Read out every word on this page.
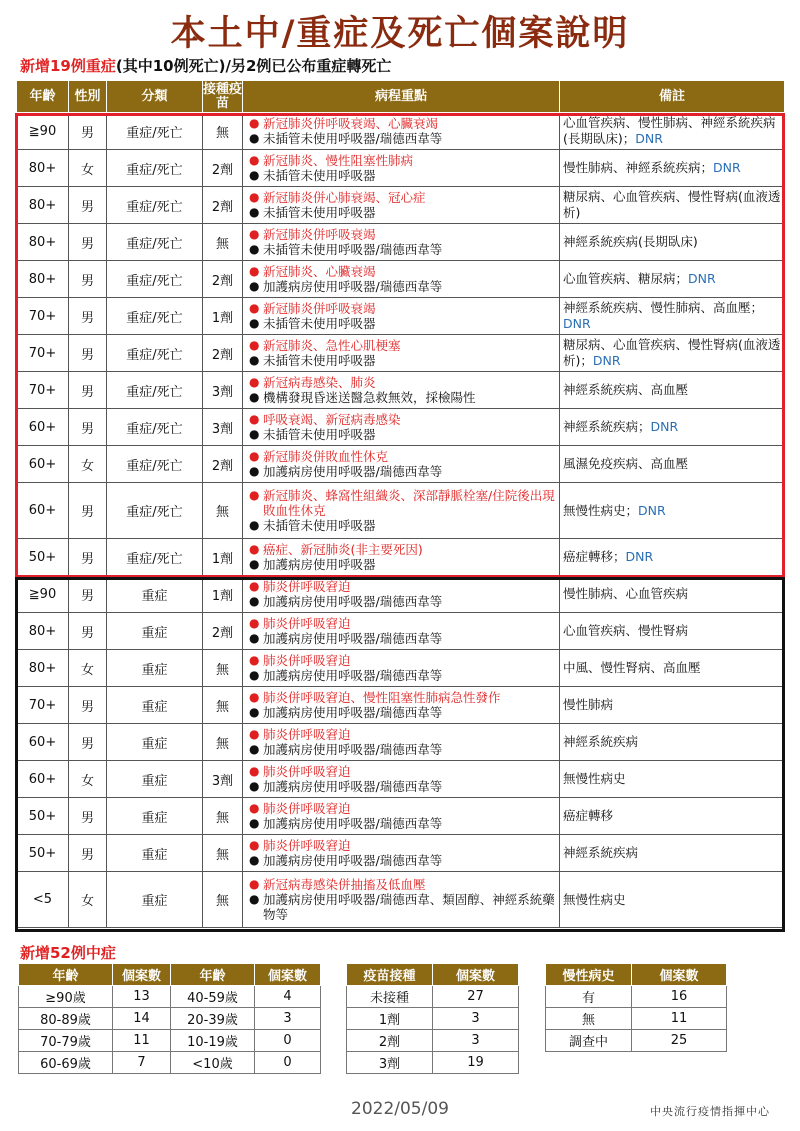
本土中/重症及死亡個案說明
新增19例重症(其中10例死亡)/另2例已公布重症轉死亡
年齡	性別	分類	接種疫苗	病程重點	備註
≧90	男	重症/死亡	無	● 新冠肺炎併呼吸衰竭、心臟衰竭
● 未插管未使用呼吸器/瑞德西韋等	心血管疾病、慢性肺病、神經系統疾病(長期臥床)；DNR
80+	女	重症/死亡	2劑	● 新冠肺炎、慢性阻塞性肺病
● 未插管未使用呼吸器	慢性肺病、神經系統疾病；DNR
80+	男	重症/死亡	2劑	● 新冠肺炎併心肺衰竭、冠心症
● 未插管未使用呼吸器	糖尿病、心血管疾病、慢性腎病(血液透析)
80+	男	重症/死亡	無	● 新冠肺炎併呼吸衰竭
● 未插管未使用呼吸器/瑞德西韋等	神經系統疾病(長期臥床)
80+	男	重症/死亡	2劑	● 新冠肺炎、心臟衰竭
● 加護病房使用呼吸器/瑞德西韋等	心血管疾病、糖尿病；DNR
70+	男	重症/死亡	1劑	● 新冠肺炎併呼吸衰竭
● 未插管未使用呼吸器	神經系統疾病、慢性肺病、高血壓；DNR
70+	男	重症/死亡	2劑	● 新冠肺炎、急性心肌梗塞
● 未插管未使用呼吸器	糖尿病、心血管疾病、慢性腎病(血液透析)；DNR
70+	男	重症/死亡	3劑	● 新冠病毒感染、肺炎
● 機構發現昏迷送醫急救無效，採檢陽性	神經系統疾病、高血壓
60+	男	重症/死亡	3劑	● 呼吸衰竭、新冠病毒感染
● 未插管未使用呼吸器	神經系統疾病；DNR
60+	女	重症/死亡	2劑	● 新冠肺炎併敗血性休克
● 加護病房使用呼吸器/瑞德西韋等	風濕免疫疾病、高血壓
60+	男	重症/死亡	無	● 新冠肺炎、蜂窩性組織炎、深部靜脈栓塞/住院後出現敗血性休克
● 未插管未使用呼吸器	無慢性病史；DNR
50+	男	重症/死亡	1劑	● 癌症、新冠肺炎(非主要死因)
● 加護病房使用呼吸器	癌症轉移；DNR
≧90	男	重症	1劑	● 肺炎併呼吸窘迫
● 加護病房使用呼吸器/瑞德西韋等	慢性肺病、心血管疾病
80+	男	重症	2劑	● 肺炎併呼吸窘迫
● 加護病房使用呼吸器/瑞德西韋等	心血管疾病、慢性腎病
80+	女	重症	無	● 肺炎併呼吸窘迫
● 加護病房使用呼吸器/瑞德西韋等	中風、慢性腎病、高血壓
70+	男	重症	無	● 肺炎併呼吸窘迫、慢性阻塞性肺病急性發作
● 加護病房使用呼吸器/瑞德西韋等	慢性肺病
60+	男	重症	無	● 肺炎併呼吸窘迫
● 加護病房使用呼吸器/瑞德西韋等	神經系統疾病
60+	女	重症	3劑	● 肺炎併呼吸窘迫
● 加護病房使用呼吸器/瑞德西韋等	無慢性病史
50+	男	重症	無	● 肺炎併呼吸窘迫
● 加護病房使用呼吸器/瑞德西韋等	癌症轉移
50+	男	重症	無	● 肺炎併呼吸窘迫
● 加護病房使用呼吸器/瑞德西韋等	神經系統疾病
<5	女	重症	無	● 新冠病毒感染併抽搐及低血壓
● 加護病房使用呼吸器/瑞德西韋、類固醇、神經系統藥物等	無慢性病史
新增52例中症
年齡	個案數	年齡	個案數
≥90歲	13	40-59歲	4
80-89歲	14	20-39歲	3
70-79歲	11	10-19歲	0
60-69歲	7	<10歲	0
疫苗接種	個案數
未接種	27
1劑	3
2劑	3
3劑	19
慢性病史	個案數
有	16
無	11
調查中	25
2022/05/09	中央流行疫情指揮中心
